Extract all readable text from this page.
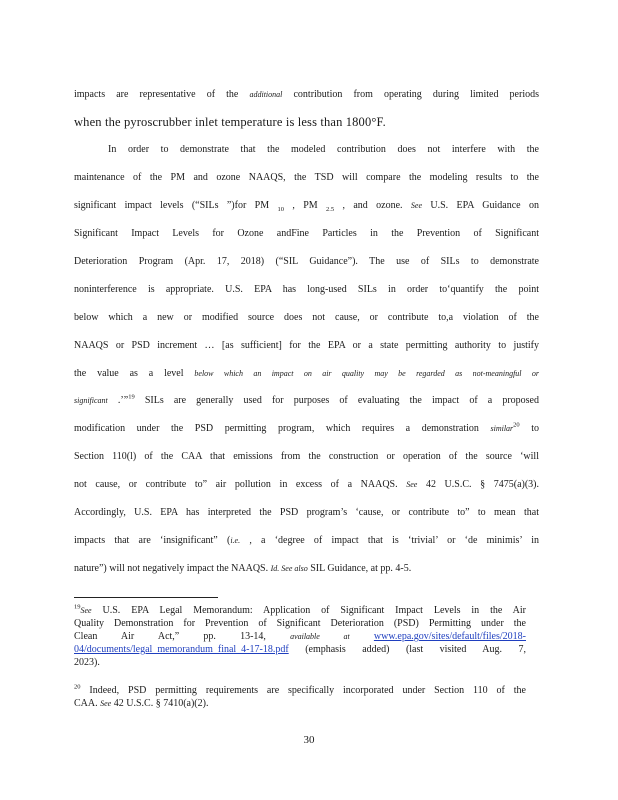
impacts are representative of the additional contribution from operating during limited periods
when the pyroscrubber inlet temperature is less than 1800°F.
In order to demonstrate that the modeled contribution does not interfere with the
maintenance of the PM and ozone NAAQS, the TSD will compare the modeling results to the
significant impact levels (“SILs ”)for PM $_{10}$ , PM $_{2.5}$ , and ozone. See U.S. EPA Guidance on
Significant Impact Levels for Ozone andFine Particles in the Prevention of Significant
Deterioration Program (Apr. 17, 2018) (“SIL Guidance”). The use of SILs to demonstrate
noninterference is appropriate. U.S. EPA has long-used SILs in order to‘quantify the point
below which a new or modified source does not cause, or contribute to,a violation of the
NAAQS or PSD increment … [as sufficient] for the EPA or a state permitting authority to justify
the value as a level below which an impact on air quality may be regarded as not-meaningful or
significant .’”$^{19}$ SILs are generally used for purposes of evaluating the impact of a proposed
modification under the PSD permitting program, which requires a demonstration similar$^{20}$ to
Section 110(l) of the CAA that emissions from the construction or operation of the source ‘will
not cause, or contribute to” air pollution in excess of a NAAQS. See 42 U.S.C. § 7475(a)(3).
Accordingly, U.S. EPA has interpreted the PSD program’s ‘cause, or contribute to” to mean that
impacts that are ‘insignificant” (i.e. , a ‘degree of impact that is ‘trivial’ or ‘de minimis’ in
nature”) will not negatively impact the NAAQS. Id. See also SIL Guidance, at pp. 4-5.
$^{19}$See U.S. EPA Legal Memorandum: Application of Significant Impact Levels in the Air
Quality Demonstration for Prevention of Significant Deterioration (PSD) Permitting under the
Clean Air Act,” pp. 13-14, available at www.epa.gov/sites/default/files/2018-
04/documents/legal_memorandum_final_4-17-18.pdf (emphasis added) (last visited Aug. 7,
2023).
$^{20}$ Indeed, PSD permitting requirements are specifically incorporated under Section 110 of the
CAA. See 42 U.S.C. § 7410(a)(2).
30
